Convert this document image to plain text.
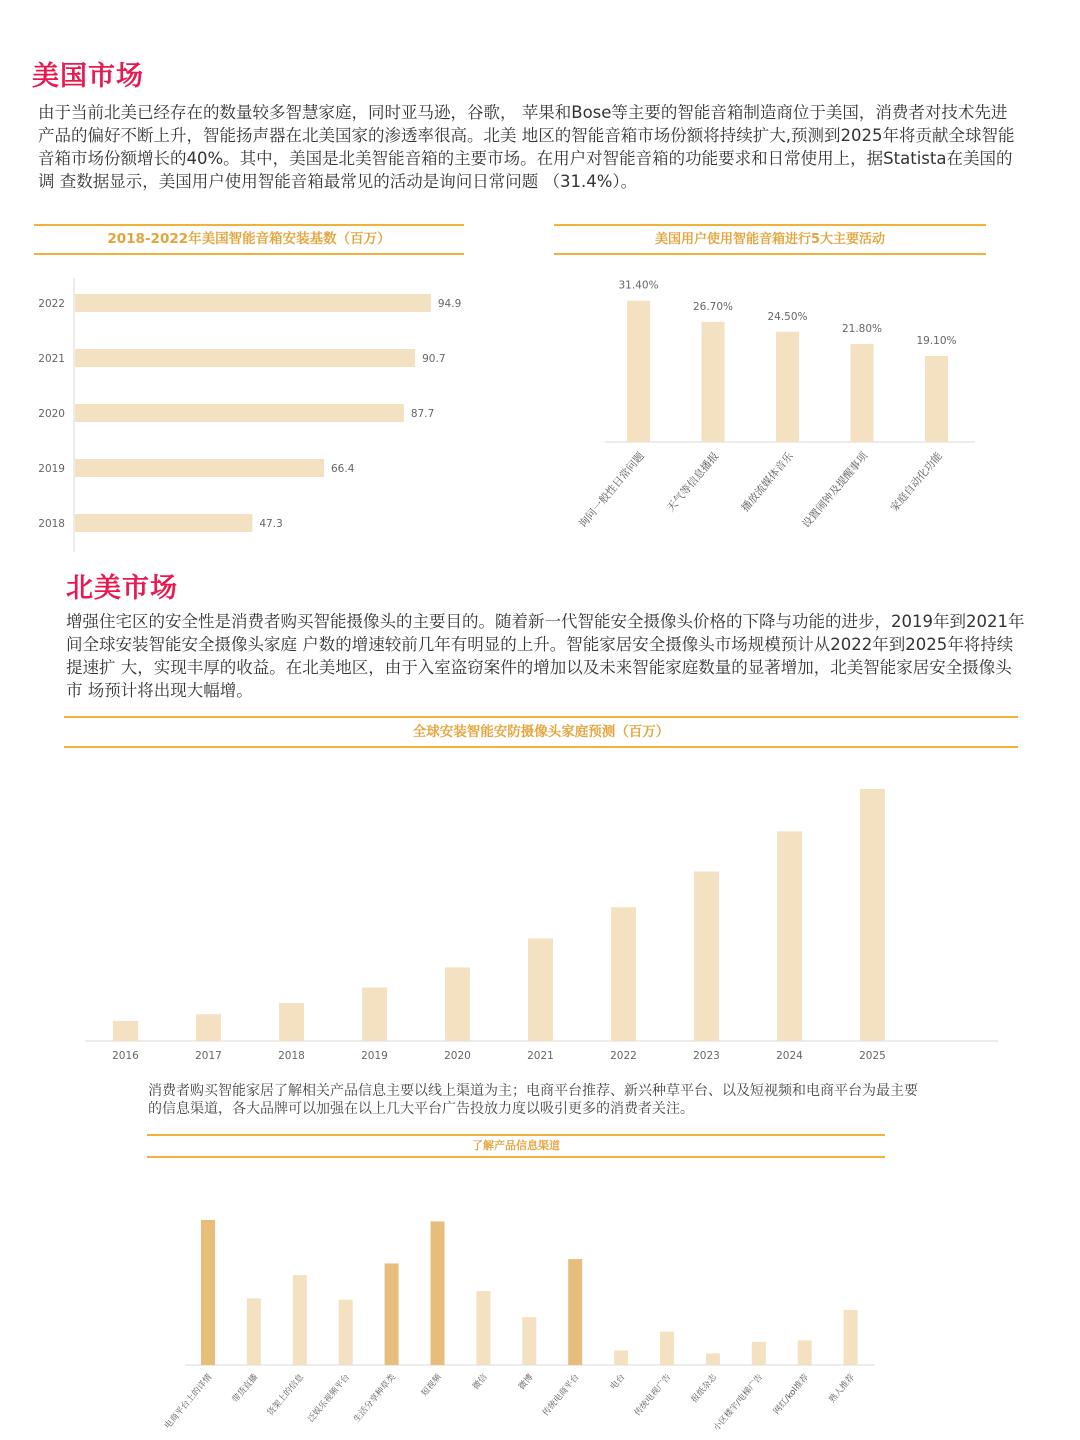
美国市场
由于当前北美已经存在的数量较多智慧家庭，同时亚马逊，谷歌， 苹果和Bose等主要的智能音箱制造商位于美国，消费者对技术先进 产品的偏好不断上升，智能扬声器在北美国家的渗透率很高。北美 地区的智能音箱市场份额将持续扩大,预测到2025年将贡献全球智能 音箱市场份额增长的40%。其中，美国是北美智能音箱的主要市场。在用户对智能音箱的功能要求和日常使用上，据Statista在美国的调 查数据显示，美国用户使用智能音箱最常见的活动是询问日常问题 （31.4%）。
2018-2022年美国智能音箱安装基数（百万）
2022	94.9
2021	90.7
2020	87.7
2019	66.4
2018	47.3
美国用户使用智能音箱进行5大主要活动
31.40%
询问一般性日常问题
26.70%
天气等信息播报
24.50%
播放流媒体音乐
21.80%
设置闹钟及提醒事项
19.10%
家庭自动化功能
北美市场
增强住宅区的安全性是消费者购买智能摄像头的主要目的。随着新一代智能安全摄像头价格的下降与功能的进步，2019年到2021年间全球安装智能安全摄像头家庭 户数的增速较前几年有明显的上升。智能家居安全摄像头市场规模预计从2022年到2025年将持续提速扩 大，实现丰厚的收益。在北美地区，由于入室盗窃案件的增加以及未来智能家庭数量的显著增加，北美智能家居安全摄像头市 场预计将出现大幅增。
全球安装智能安防摄像头家庭预测（百万）
2016	2017	2018	2019	2020	2021	2022	2023	2024	2025
消费者购买智能家居了解相关产品信息主要以线上渠道为主；电商平台推荐、新兴种草平台、以及短视频和电商平台为最主要的信息渠道，各大品牌可以加强在以上几大平台广告投放力度以吸引更多的消费者关注。
了解产品信息渠道
电商平台上的详情 带货直播 货架上的信息 泛娱乐视频平台 生活分享种草类	短视频	微信	微博 传统电商平台	电台 传统电视广告 报纸杂志
小区楼宇/电梯广告 网红/kol推荐 熟人推荐
